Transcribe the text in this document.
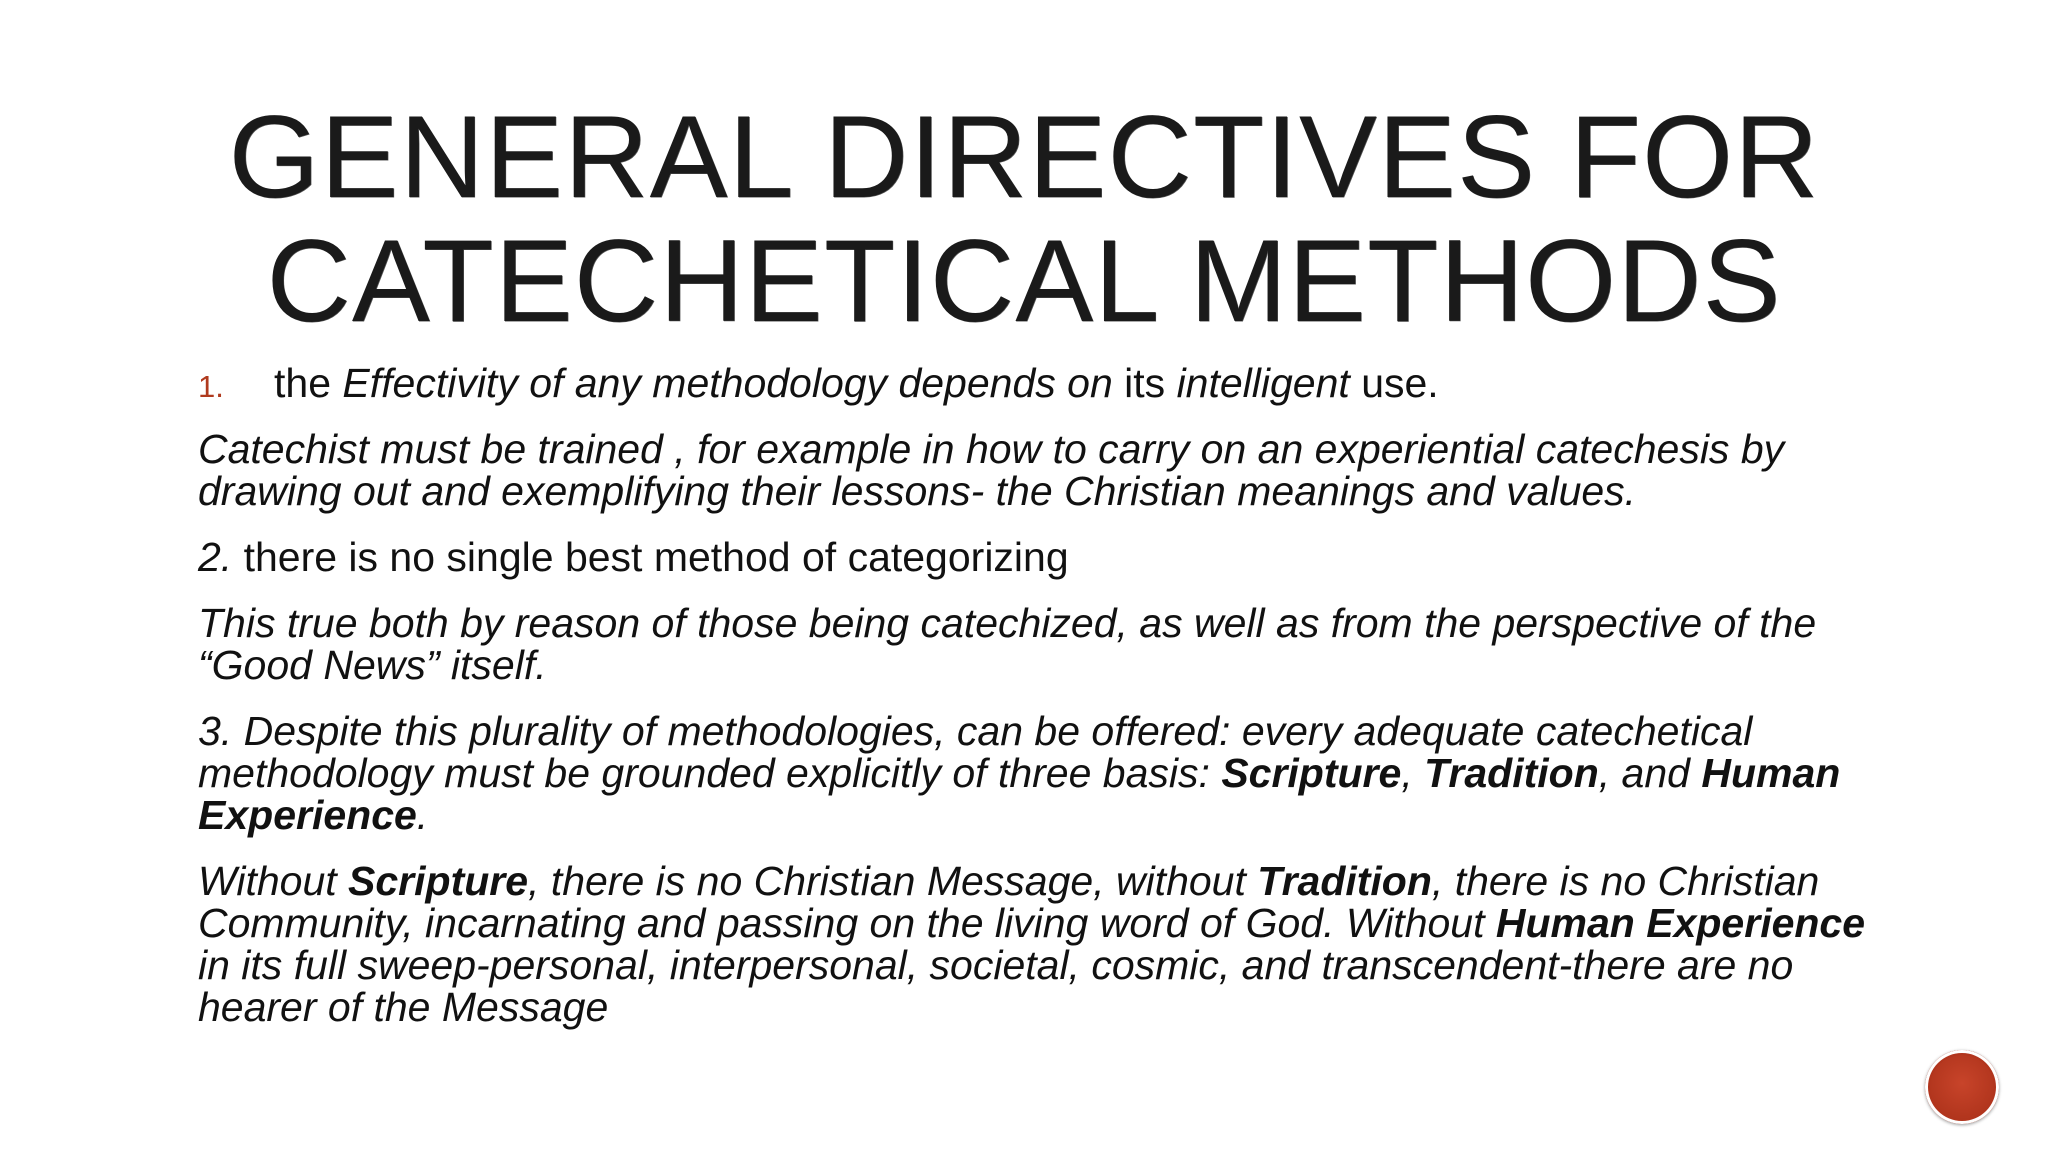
GENERAL DIRECTIVES FOR
CATECHETICAL METHODS

1. the Effectivity of any methodology depends on its intelligent use.

Catechist must be trained , for example in how to carry on an experiential catechesis by drawing out and exemplifying their lessons- the Christian meanings and values.

2. there is no single best method of categorizing

This true both by reason of those being catechized, as well as from the perspective of the “Good News” itself.

3. Despite this plurality of methodologies, can be offered: every adequate catechetical methodology must be grounded explicitly of three basis: Scripture, Tradition, and Human Experience.

Without Scripture, there is no Christian Message, without Tradition, there is no Christian Community, incarnating and passing on the living word of God. Without Human Experience in its full sweep-personal, interpersonal, societal, cosmic, and transcendent-there are no hearer of the Message
